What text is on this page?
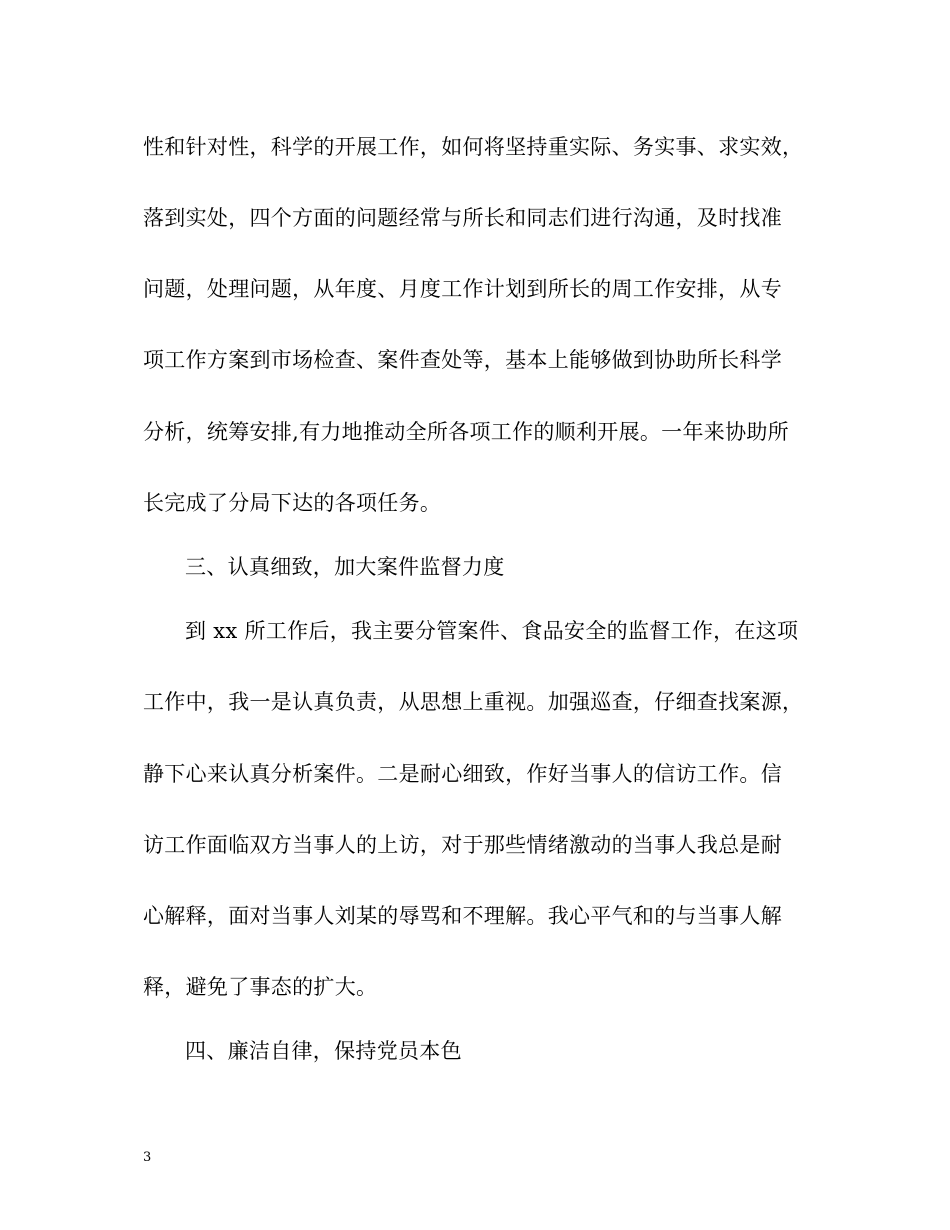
性和针对性，科学的开展工作，如何将坚持重实际、务实事、求实效，
落到实处，四个方面的问题经常与所长和同志们进行沟通，及时找准
问题，处理问题，从年度、月度工作计划到所长的周工作安排，从专
项工作方案到市场检查、案件查处等，基本上能够做到协助所长科学
分析，统筹安排,有力地推动全所各项工作的顺利开展。一年来协助所
长完成了分局下达的各项任务。
三、认真细致，加大案件监督力度
到 xx 所工作后，我主要分管案件、食品安全的监督工作，在这项
工作中，我一是认真负责，从思想上重视。加强巡查，仔细查找案源，
静下心来认真分析案件。二是耐心细致，作好当事人的信访工作。信
访工作面临双方当事人的上访，对于那些情绪激动的当事人我总是耐
心解释，面对当事人刘某的辱骂和不理解。我心平气和的与当事人解
释，避免了事态的扩大。
四、廉洁自律，保持党员本色
3
